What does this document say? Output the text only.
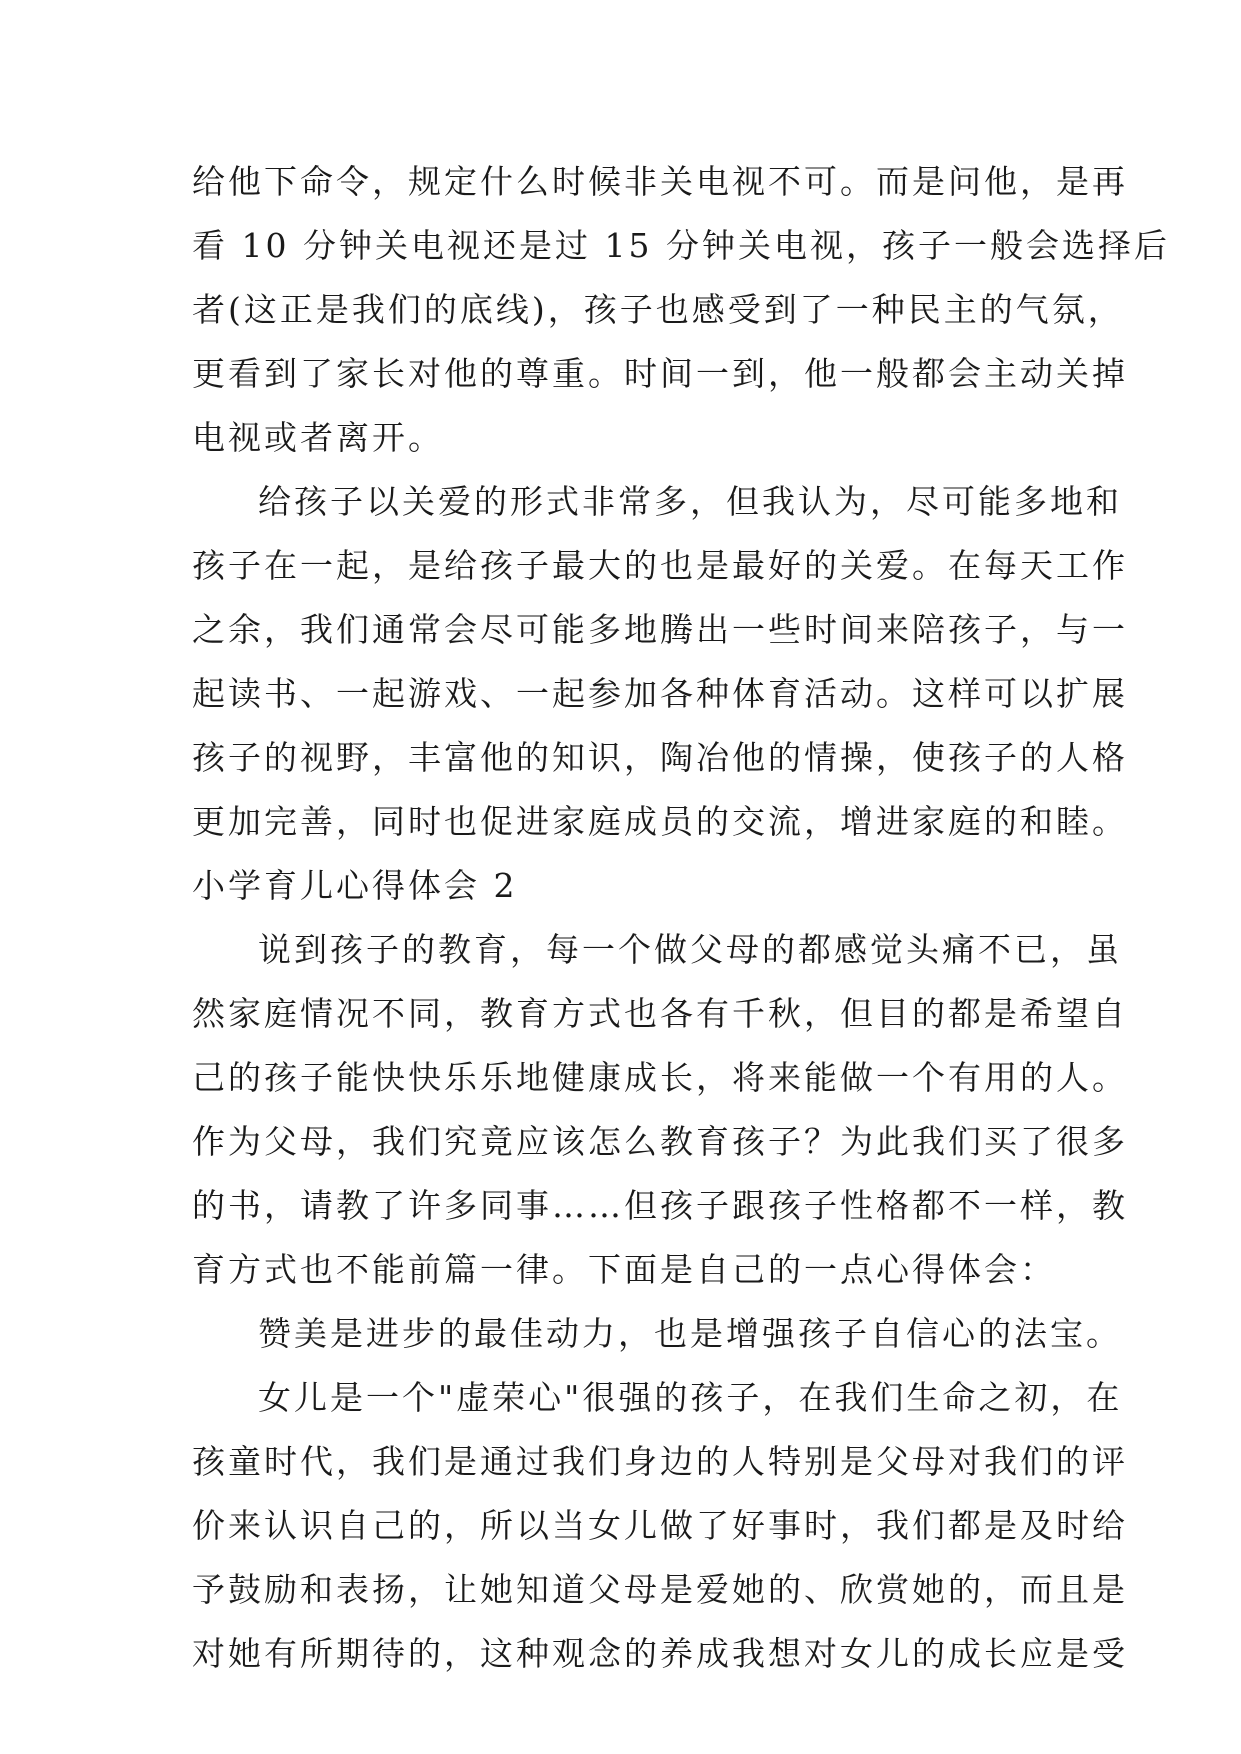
给他下命令，规定什么时候非关电视不可。而是问他，是再
看 10 分钟关电视还是过 15 分钟关电视，孩子一般会选择后
者(这正是我们的底线)，孩子也感受到了一种民主的气氛，
更看到了家长对他的尊重。时间一到，他一般都会主动关掉
电视或者离开。
给孩子以关爱的形式非常多，但我认为，尽可能多地和
孩子在一起，是给孩子最大的也是最好的关爱。在每天工作
之余，我们通常会尽可能多地腾出一些时间来陪孩子，与一
起读书、一起游戏、一起参加各种体育活动。这样可以扩展
孩子的视野，丰富他的知识，陶冶他的情操，使孩子的人格
更加完善，同时也促进家庭成员的交流，增进家庭的和睦。
小学育儿心得体会 2
说到孩子的教育，每一个做父母的都感觉头痛不已，虽
然家庭情况不同，教育方式也各有千秋，但目的都是希望自
己的孩子能快快乐乐地健康成长，将来能做一个有用的人。
作为父母，我们究竟应该怎么教育孩子？为此我们买了很多
的书，请教了许多同事……但孩子跟孩子性格都不一样，教
育方式也不能前篇一律。下面是自己的一点心得体会：
赞美是进步的最佳动力，也是增强孩子自信心的法宝。
女儿是一个"虚荣心"很强的孩子，在我们生命之初，在
孩童时代，我们是通过我们身边的人特别是父母对我们的评
价来认识自己的，所以当女儿做了好事时，我们都是及时给
予鼓励和表扬，让她知道父母是爱她的、欣赏她的，而且是
对她有所期待的，这种观念的养成我想对女儿的成长应是受
